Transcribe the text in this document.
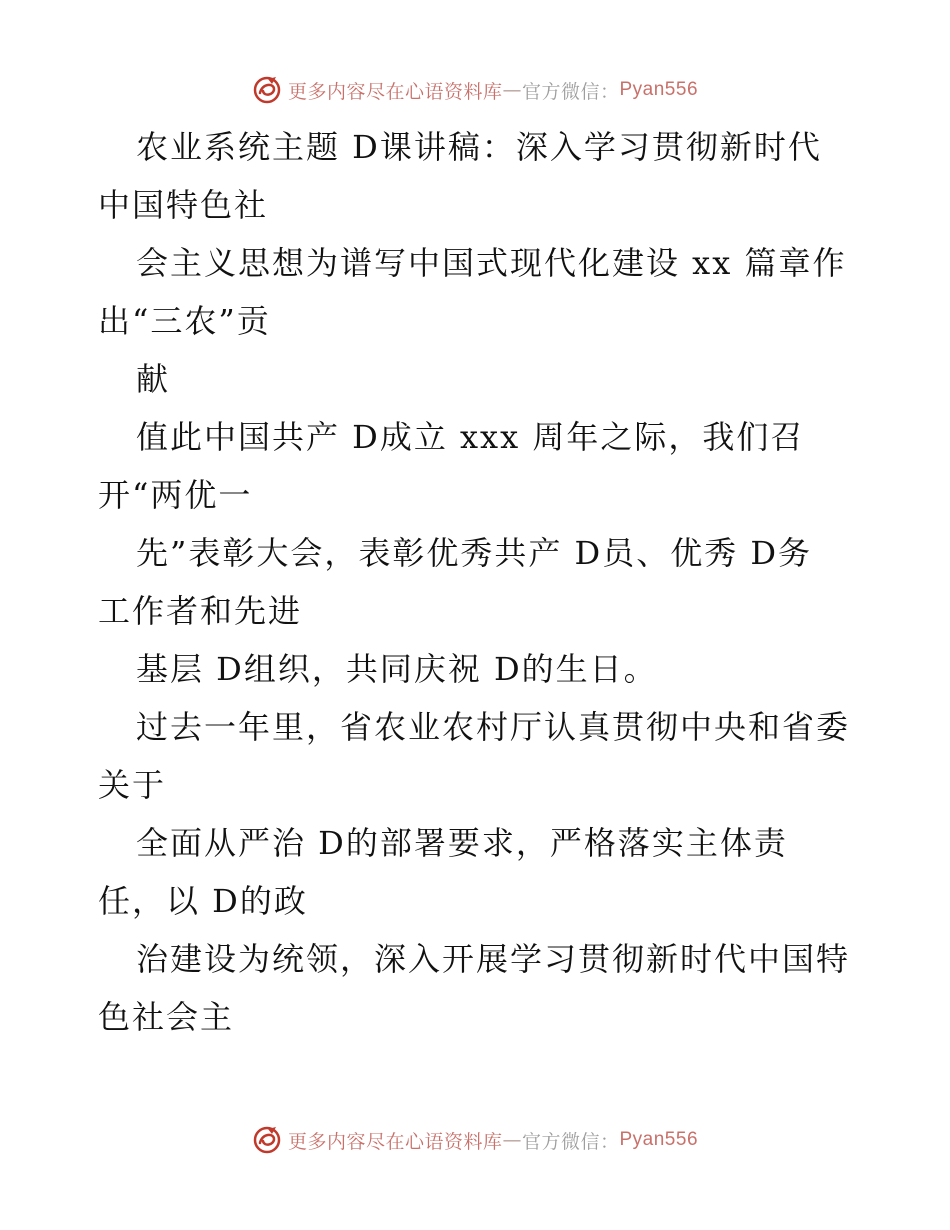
更多内容尽在心语资料库 — 官方微信： Pyan556
农业系统主题 D课讲稿：深入学习贯彻新时代
中国特色社
会主义思想为谱写中国式现代化建设 xx 篇章作
出“三农”贡
献
值此中国共产 D成立 xxx 周年之际，我们召
开“两优一
先”表彰大会，表彰优秀共产 D员、优秀 D务
工作者和先进
基层 D组织，共同庆祝 D的生日。
过去一年里，省农业农村厅认真贯彻中央和省委
关于
全面从严治 D的部署要求，严格落实主体责
任，以 D的政
治建设为统领，深入开展学习贯彻新时代中国特
色社会主
更多内容尽在心语资料库 — 官方微信： Pyan556
